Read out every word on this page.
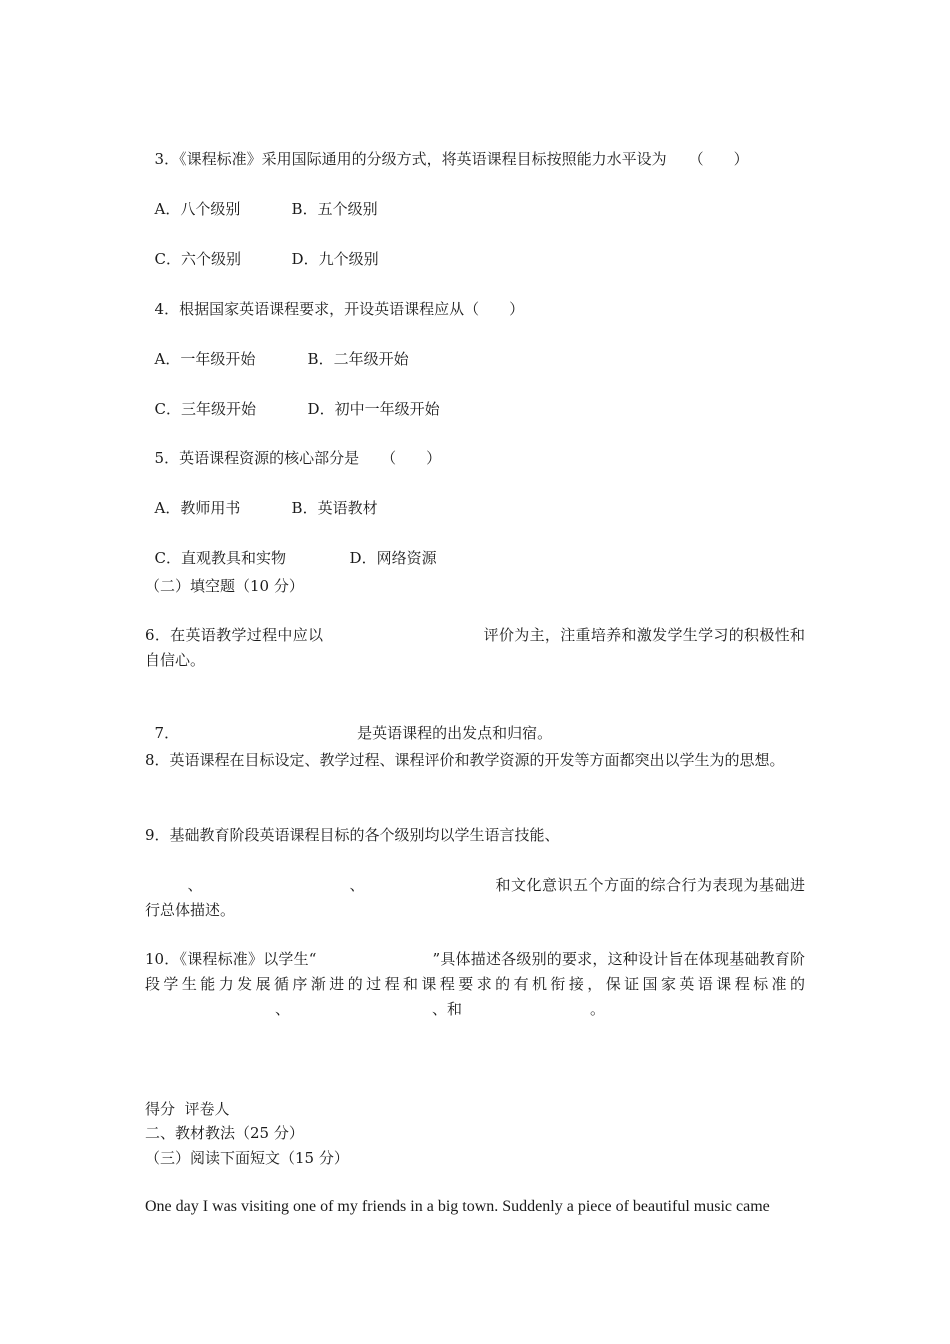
3．《课程标准》采用国际通用的分级方式，将英语课程目标按照能力水平设为 （　　）

A．八个级别	B．五个级别

C．六个级别	D．九个级别

4．根据国家英语课程要求，开设英语课程应从（　　）

A．一年级开始	B．二年级开始

C．三年级开始	D．初中一年级开始

5．英语课程资源的核心部分是 （　　）

A．教师用书	B．英语教材

C．直观教具和实物	D．网络资源

（二）填空题（10 分）
6．在英语教学过程中应以	评价为主，注重培养和激发学生学习的积极性和自信心。

7．	是英语课程的出发点和归宿。

8．英语课程在目标设定、教学过程、课程评价和教学资源的开发等方面都突出以学生为的思想。
9．基础教育阶段英语课程目标的各个级别均以学生语言技能、
、	、	和文化意识五个方面的综合行为表现为基础进行总体描述。
10．《课程标准》以学生“	”具体描述各级别的要求，这种设计旨在体现基础教育阶段学生能力发展循序渐进的过程和课程要求的有机衔接，保证国家英语课程标准的、	、和	。
得分  评卷人
二、教材教法（25 分）
（三）阅读下面短文（15 分）
One day I was visiting one of my friends in a big town. Suddenly a piece of beautiful music came
